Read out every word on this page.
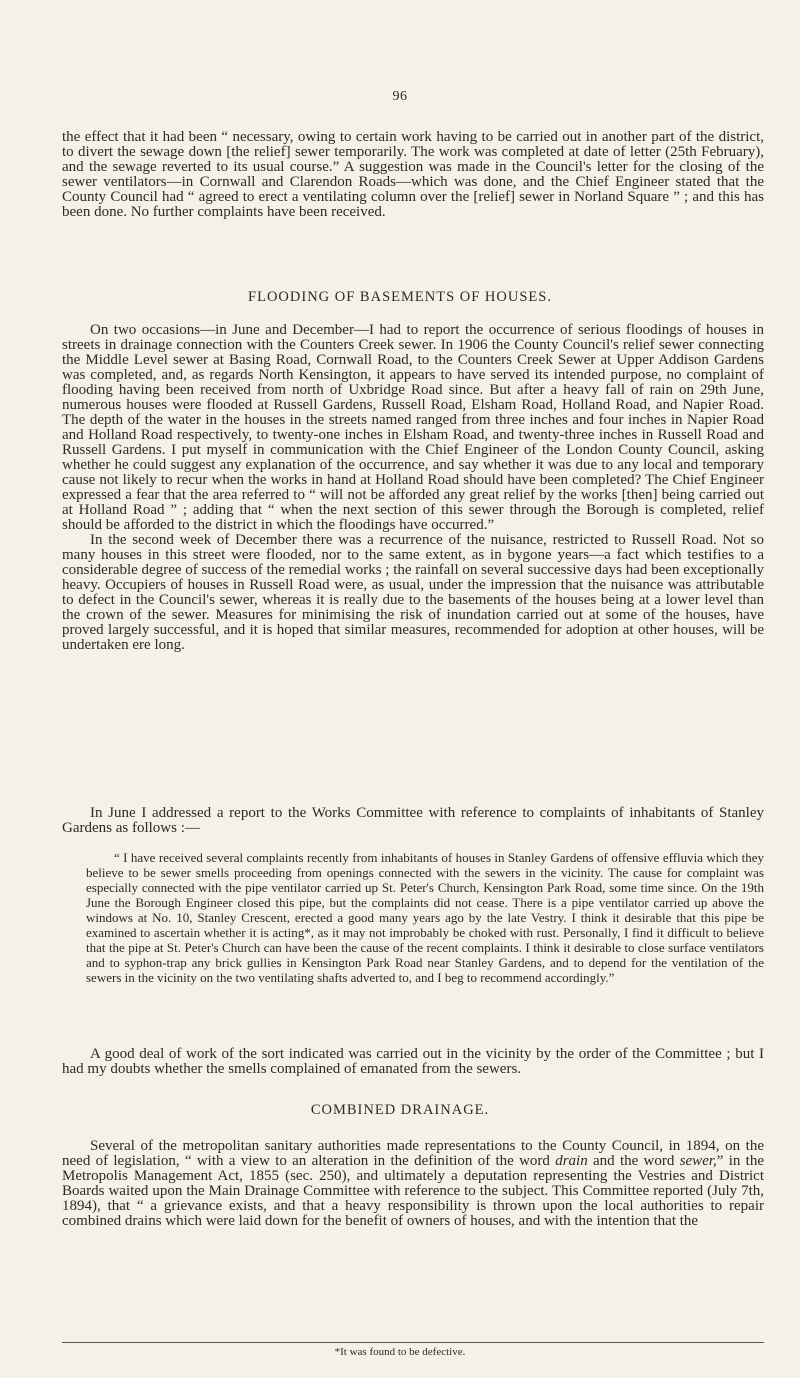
96

the effect that it had been “ necessary, owing to certain work having to be carried out in another part of the district, to divert the sewage down [the relief] sewer temporarily. The work was completed at date of letter (25th February), and the sewage reverted to its usual course.” A suggestion was made in the Council's letter for the closing of the sewer ventilators—in Cornwall and Clarendon Roads—which was done, and the Chief Engineer stated that the County Council had “ agreed to erect a ventilating column over the [relief] sewer in Norland Square ” ; and this has been done. No further complaints have been received.

FLOODING OF BASEMENTS OF HOUSES.

On two occasions—in June and December—I had to report the occurrence of serious floodings of houses in streets in drainage connection with the Counters Creek sewer. In 1906 the County Council's relief sewer connecting the Middle Level sewer at Basing Road, Cornwall Road, to the Counters Creek Sewer at Upper Addison Gardens was completed, and, as regards North Kensington, it appears to have served its intended purpose, no complaint of flooding having been received from north of Uxbridge Road since. But after a heavy fall of rain on 29th June, numerous houses were flooded at Russell Gardens, Russell Road, Elsham Road, Holland Road, and Napier Road. The depth of the water in the houses in the streets named ranged from three inches and four inches in Napier Road and Holland Road respectively, to twenty-one inches in Elsham Road, and twenty-three inches in Russell Road and Russell Gardens. I put myself in communication with the Chief Engineer of the London County Council, asking whether he could suggest any explanation of the occurrence, and say whether it was due to any local and temporary cause not likely to recur when the works in hand at Holland Road should have been completed? The Chief Engineer expressed a fear that the area referred to “ will not be afforded any great relief by the works [then] being carried out at Holland Road ” ; adding that “ when the next section of this sewer through the Borough is completed, relief should be afforded to the district in which the floodings have occurred.”

In the second week of December there was a recurrence of the nuisance, restricted to Russell Road. Not so many houses in this street were flooded, nor to the same extent, as in bygone years—a fact which testifies to a considerable degree of success of the remedial works ; the rainfall on several successive days had been exceptionally heavy. Occupiers of houses in Russell Road were, as usual, under the impression that the nuisance was attributable to defect in the Council's sewer, whereas it is really due to the basements of the houses being at a lower level than the crown of the sewer. Measures for minimising the risk of inundation carried out at some of the houses, have proved largely successful, and it is hoped that similar measures, recommended for adoption at other houses, will be undertaken ere long.

In June I addressed a report to the Works Committee with reference to complaints of inhabitants of Stanley Gardens as follows :—

“ I have received several complaints recently from inhabitants of houses in Stanley Gardens of offensive effluvia which they believe to be sewer smells proceeding from openings connected with the sewers in the vicinity. The cause for complaint was especially connected with the pipe ventilator carried up St. Peter's Church, Kensington Park Road, some time since. On the 19th June the Borough Engineer closed this pipe, but the complaints did not cease. There is a pipe ventilator carried up above the windows at No. 10, Stanley Crescent, erected a good many years ago by the late Vestry. I think it desirable that this pipe be examined to ascertain whether it is acting*, as it may not improbably be choked with rust. Personally, I find it difficult to believe that the pipe at St. Peter's Church can have been the cause of the recent complaints. I think it desirable to close surface ventilators and to syphon-trap any brick gullies in Kensington Park Road near Stanley Gardens, and to depend for the ventilation of the sewers in the vicinity on the two ventilating shafts adverted to, and I beg to recommend accordingly.”

A good deal of work of the sort indicated was carried out in the vicinity by the order of the Committee ; but I had my doubts whether the smells complained of emanated from the sewers.

COMBINED DRAINAGE.

Several of the metropolitan sanitary authorities made representations to the County Council, in 1894, on the need of legislation, “ with a view to an alteration in the definition of the word drain and the word sewer,” in the Metropolis Management Act, 1855 (sec. 250), and ultimately a deputation representing the Vestries and District Boards waited upon the Main Drainage Committee with reference to the subject. This Committee reported (July 7th, 1894), that “ a grievance exists, and that a heavy responsibility is thrown upon the local authorities to repair combined drains which were laid down for the benefit of owners of houses, and with the intention that the

*It was found to be defective.
